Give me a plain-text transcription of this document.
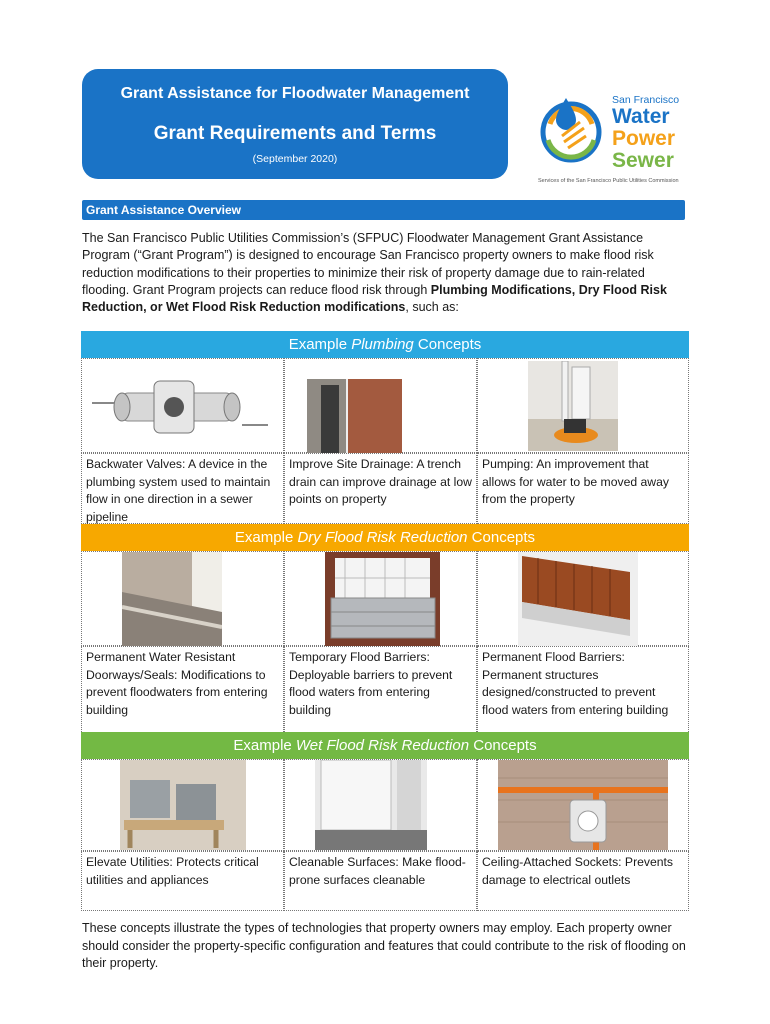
Grant Assistance for Floodwater Management
Grant Requirements and Terms
(September 2020)
San Francisco
Water
Power
Sewer
Services of the San Francisco Public Utilities Commission
Grant Assistance Overview
The San Francisco Public Utilities Commission’s (SFPUC) Floodwater Management Grant Assistance Program (“Grant Program”) is designed to encourage San Francisco property owners to make flood risk reduction modifications to their properties to minimize their risk of property damage due to rain-related flooding. Grant Program projects can reduce flood risk through Plumbing Modifications, Dry Flood Risk Reduction, or Wet Flood Risk Reduction modifications, such as:
Example Plumbing Concepts
Backwater Valves: A device in the plumbing system used to maintain flow in one direction in a sewer pipeline
Improve Site Drainage: A trench drain can improve drainage at low points on property
Pumping: An improvement that allows for water to be moved away from the property
Example Dry Flood Risk Reduction Concepts
Permanent Water Resistant Doorways/Seals: Modifications to prevent floodwaters from entering building
Temporary Flood Barriers: Deployable barriers to prevent flood waters from entering building
Permanent Flood Barriers: Permanent structures designed/constructed to prevent flood waters from entering building
Example Wet Flood Risk Reduction Concepts
Elevate Utilities: Protects critical utilities and appliances
Cleanable Surfaces: Make flood-prone surfaces cleanable
Ceiling-Attached Sockets: Prevents damage to electrical outlets
These concepts illustrate the types of technologies that property owners may employ. Each property owner should consider the property-specific configuration and features that could contribute to the risk of flooding on their property.
